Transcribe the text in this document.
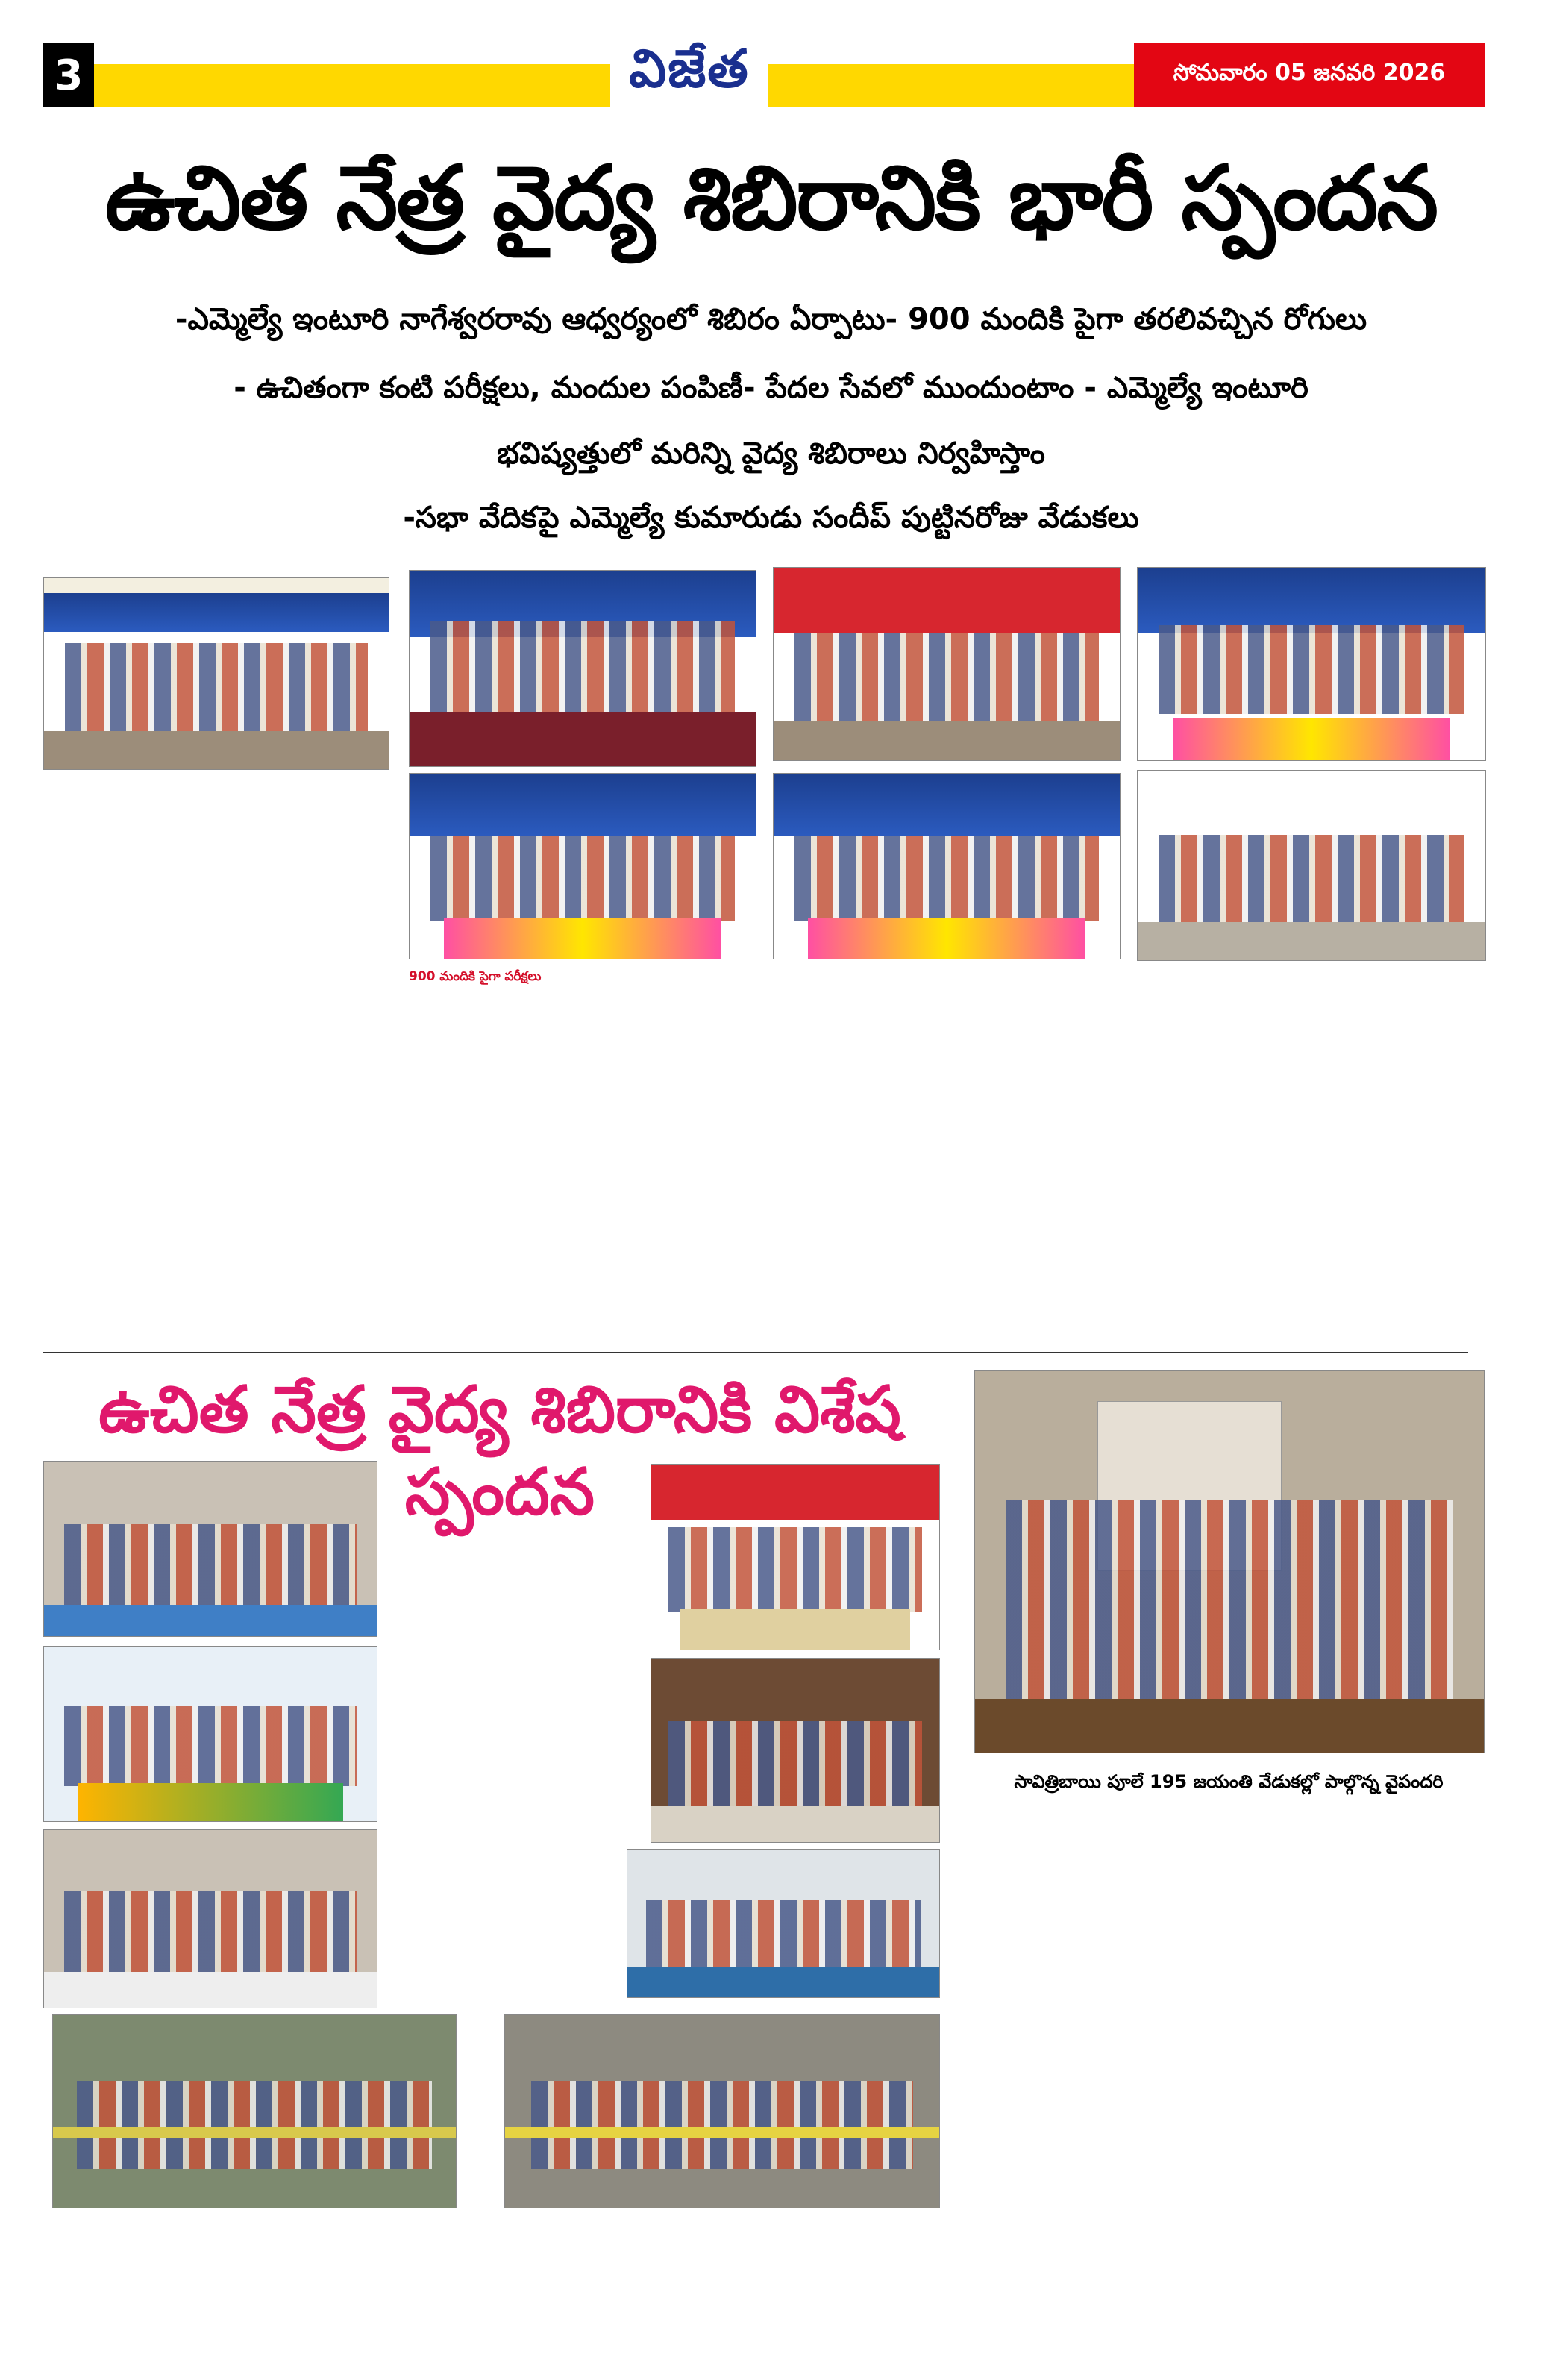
3	విజేత	సోమవారం 05 జనవరి 2026
ఉచిత నేత్ర వైద్య శిబిరానికి భారీ స్పందన
-ఎమ్మెల్యే ఇంటూరి నాగేశ్వరరావు ఆధ్వర్యంలో శిబిరం ఏర్పాటు- 900 మందికి పైగా తరలివచ్చిన రోగులు
- ఉచితంగా కంటి పరీక్షలు, మందుల పంపిణీ- పేదల సేవలో ముందుంటాం - ఎమ్మెల్యే ఇంటూరి
భవిష్యత్తులో మరిన్ని వైద్య శిబిరాలు నిర్వహిస్తాం
-సభా వేదికపై ఎమ్మెల్యే కుమారుడు సందీప్ పుట్టినరోజు వేడుకలు

900 మందికి పైగా పరీక్షలు

ఉచిత నేత్ర వైద్య శిబిరానికి విశేష స్పందన

సావిత్రిబాయి పూలే 195 జయంతి వేడుకల్లో పాల్గొన్న వైపందరి
